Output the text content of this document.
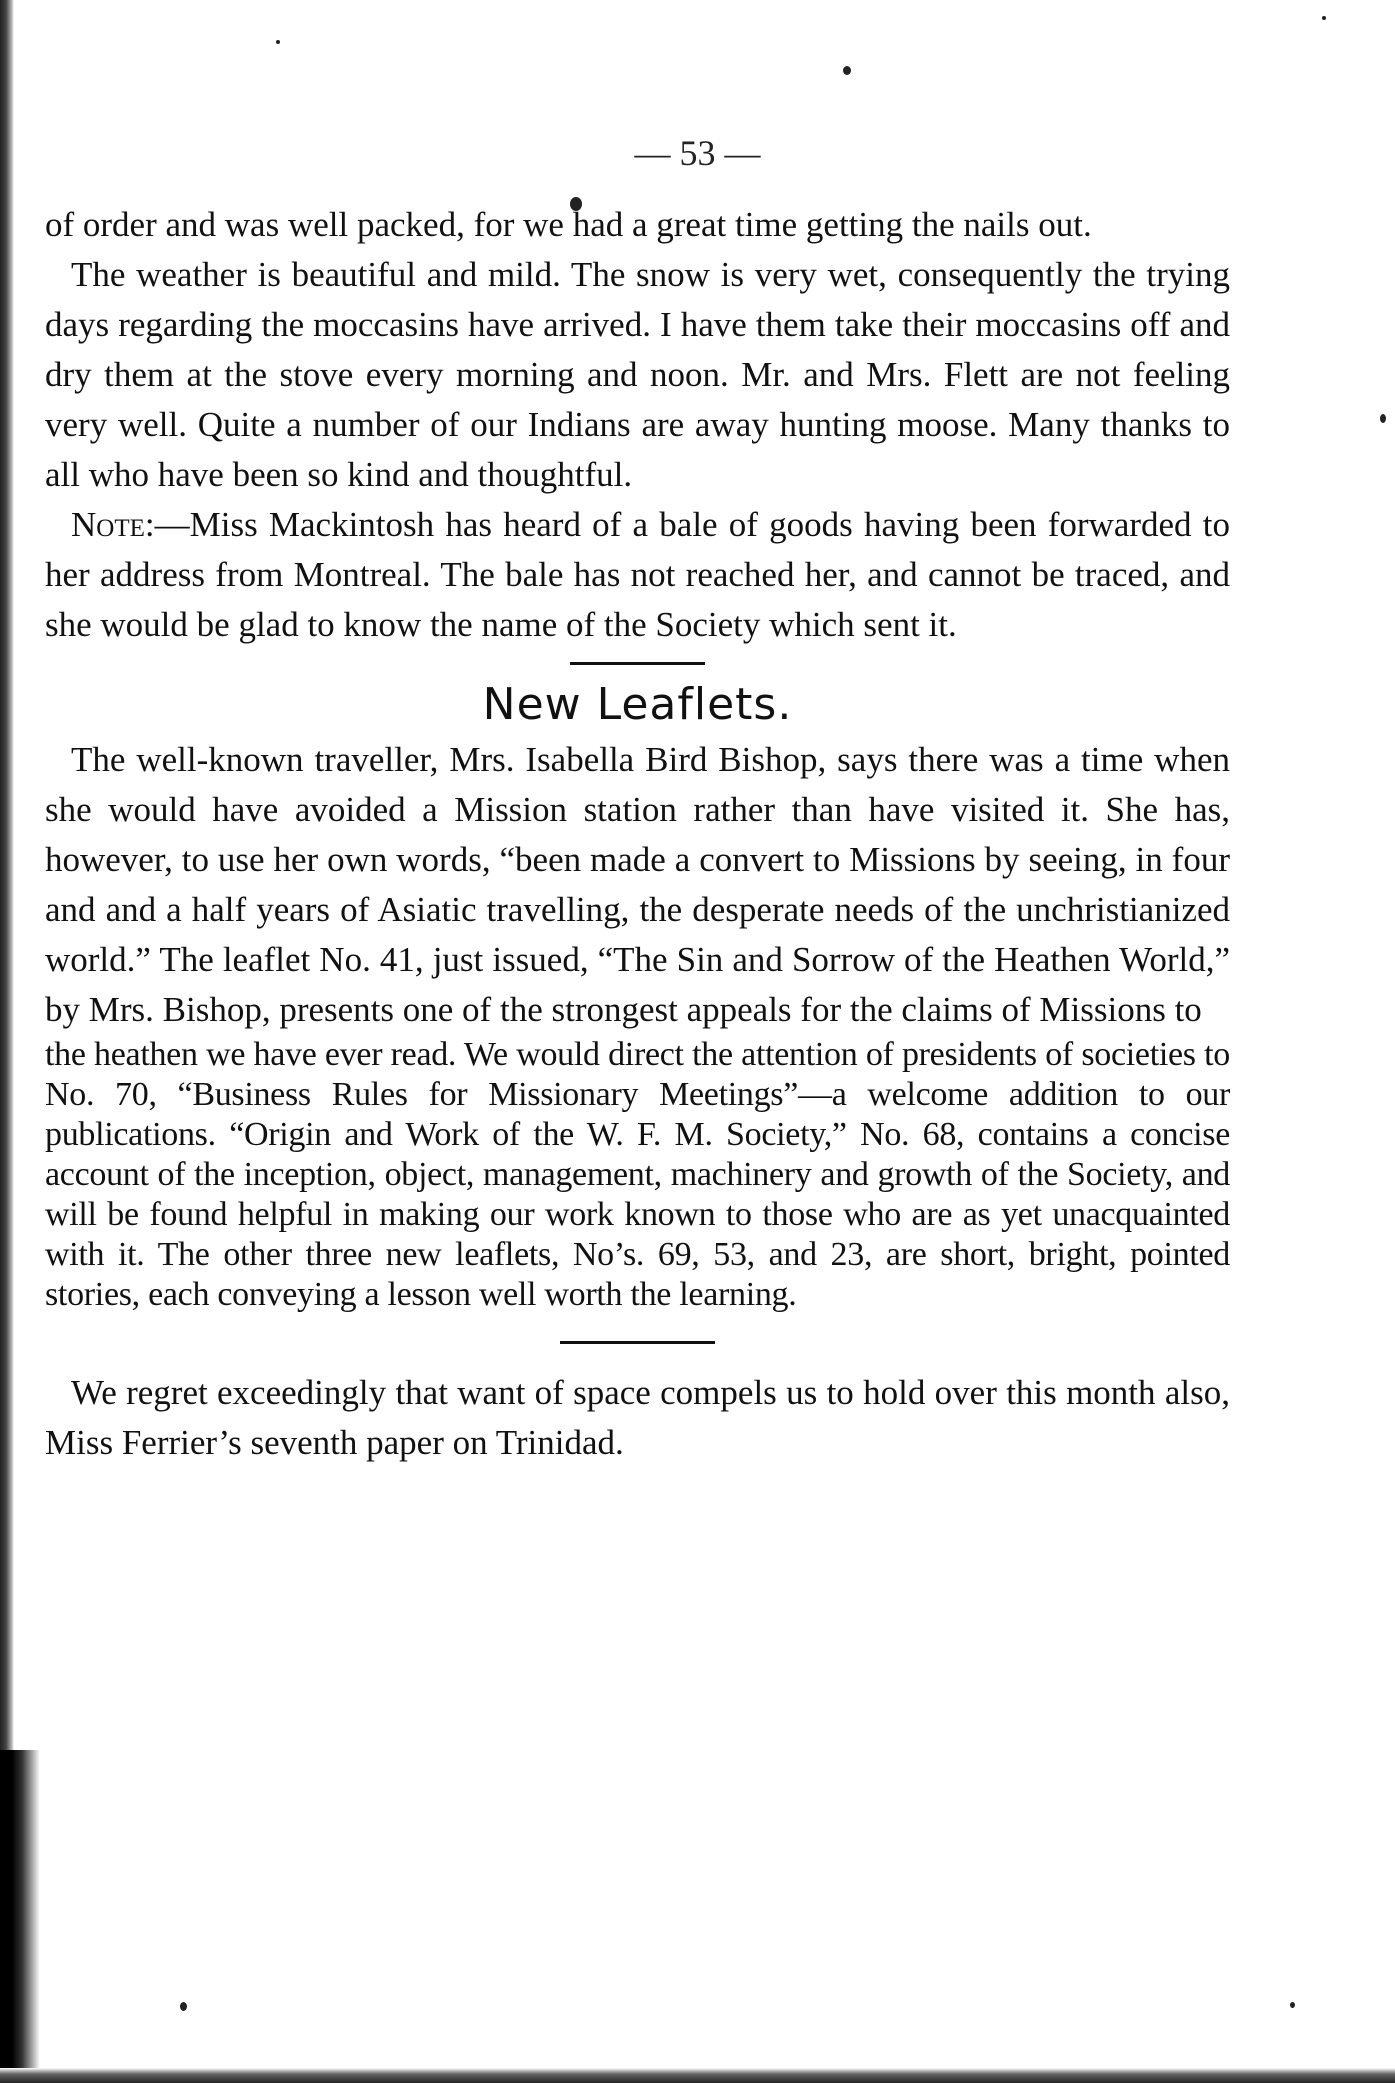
— 53 —

of order and was well packed, for we had a great time getting the nails out.

The weather is beautiful and mild. The snow is very wet, consequently the trying days regarding the moccasins have arrived. I have them take their moccasins off and dry them at the stove every morning and noon. Mr. and Mrs. Flett are not feeling very well. Quite a number of our Indians are away hunting moose. Many thanks to all who have been so kind and thoughtful.

Note:—Miss Mackintosh has heard of a bale of goods having been forwarded to her address from Montreal. The bale has not reached her, and cannot be traced, and she would be glad to know the name of the Society which sent it.

New Leaflets.

The well-known traveller, Mrs. Isabella Bird Bishop, says there was a time when she would have avoided a Mission station rather than have visited it. She has, however, to use her own words, “been made a convert to Missions by seeing, in four and and a half years of Asiatic travelling, the desperate needs of the unchristianized world.” The leaflet No. 41, just issued, “The Sin and Sorrow of the Heathen World,” by Mrs. Bishop, presents one of the strongest appeals for the claims of Missions to

the heathen we have ever read. We would direct the attention of presidents of societies to No. 70, “Business Rules for Missionary Meetings”—a welcome addition to our publications. “Origin and Work of the W. F. M. Society,” No. 68, contains a concise account of the inception, object, management, machinery and growth of the Society, and will be found helpful in making our work known to those who are as yet unacquainted with it. The other three new leaflets, No’s. 69, 53, and 23, are short, bright, pointed stories, each conveying a lesson well worth the learning.

We regret exceedingly that want of space compels us to hold over this month also, Miss Ferrier’s seventh paper on Trinidad.
